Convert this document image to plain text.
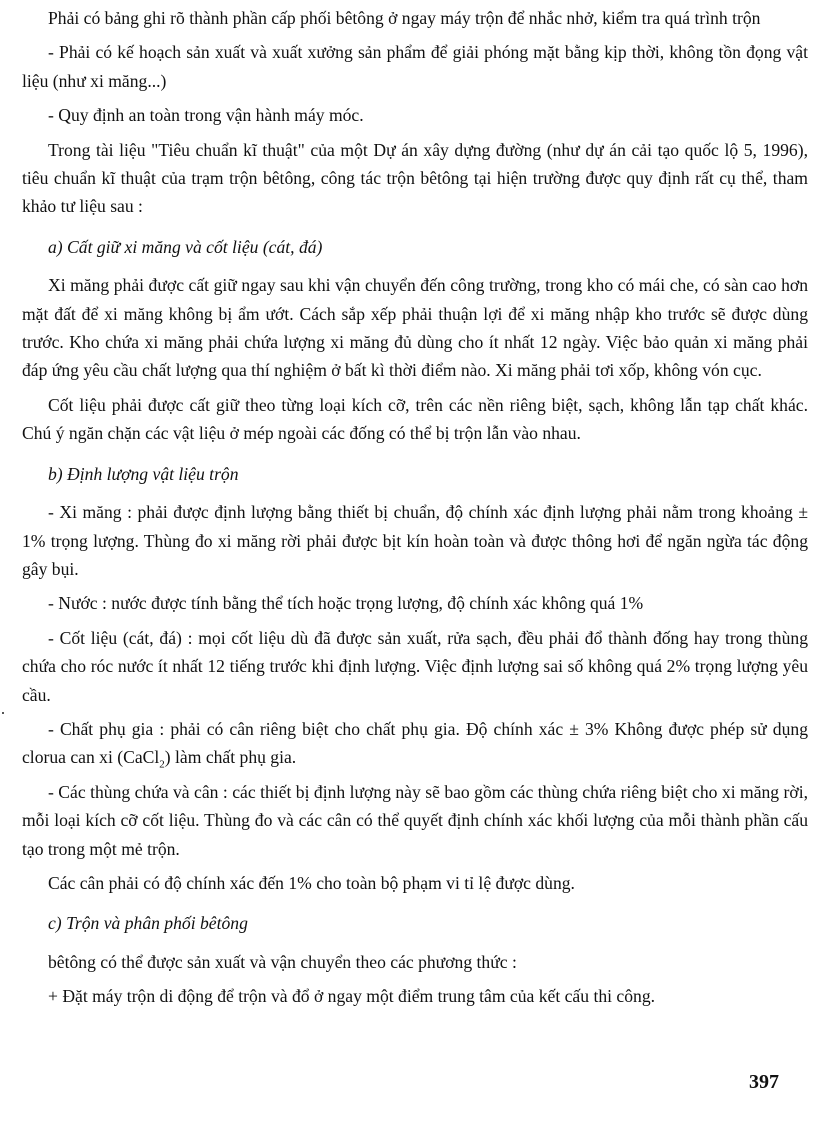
Phải có bảng ghi rõ thành phần cấp phối bêtông ở ngay máy trộn để nhắc nhở, kiểm tra quá trình trộn

- Phải có kế hoạch sản xuất và xuất xưởng sản phẩm để giải phóng mặt bằng kịp thời, không tồn đọng vật liệu (như xi măng...)

- Quy định an toàn trong vận hành máy móc.

Trong tài liệu "Tiêu chuẩn kĩ thuật" của một Dự án xây dựng đường (như dự án cải tạo quốc lộ 5, 1996), tiêu chuẩn kĩ thuật của trạm trộn bêtông, công tác trộn bêtông tại hiện trường được quy định rất cụ thể, tham khảo tư liệu sau :

a) Cất giữ xi măng và cốt liệu (cát, đá)

Xi măng phải được cất giữ ngay sau khi vận chuyển đến công trường, trong kho có mái che, có sàn cao hơn mặt đất để xi măng không bị ẩm ướt. Cách sắp xếp phải thuận lợi để xi măng nhập kho trước sẽ được dùng trước. Kho chứa xi măng phải chứa lượng xi măng đủ dùng cho ít nhất 12 ngày. Việc bảo quản xi măng phải đáp ứng yêu cầu chất lượng qua thí nghiệm ở bất kì thời điểm nào. Xi măng phải tơi xốp, không vón cục.

Cốt liệu phải được cất giữ theo từng loại kích cỡ, trên các nền riêng biệt, sạch, không lẫn tạp chất khác. Chú ý ngăn chặn các vật liệu ở mép ngoài các đống có thể bị trộn lẫn vào nhau.

b) Định lượng vật liệu trộn

- Xi măng : phải được định lượng bằng thiết bị chuẩn, độ chính xác định lượng phải nằm trong khoảng ± 1% trọng lượng. Thùng đo xi măng rời phải được bịt kín hoàn toàn và được thông hơi để ngăn ngừa tác động gây bụi.

- Nước : nước được tính bằng thể tích hoặc trọng lượng, độ chính xác không quá 1%

- Cốt liệu (cát, đá) : mọi cốt liệu dù đã được sản xuất, rửa sạch, đều phải đổ thành đống hay trong thùng chứa cho róc nước ít nhất 12 tiếng trước khi định lượng. Việc định lượng sai số không quá 2% trọng lượng yêu cầu.

- Chất phụ gia : phải có cân riêng biệt cho chất phụ gia. Độ chính xác ± 3% Không được phép sử dụng clorua can xi (CaCl$_2$) làm chất phụ gia.

- Các thùng chứa và cân : các thiết bị định lượng này sẽ bao gồm các thùng chứa riêng biệt cho xi măng rời, mỗi loại kích cỡ cốt liệu. Thùng đo và các cân có thể quyết định chính xác khối lượng của mỗi thành phần cấu tạo trong một mẻ trộn.

Các cân phải có độ chính xác đến 1% cho toàn bộ phạm vi tỉ lệ được dùng.

c) Trộn và phân phối bêtông

bêtông có thể được sản xuất và vận chuyển theo các phương thức :

+ Đặt máy trộn di động để trộn và đổ ở ngay một điểm trung tâm của kết cấu thi công.

397
